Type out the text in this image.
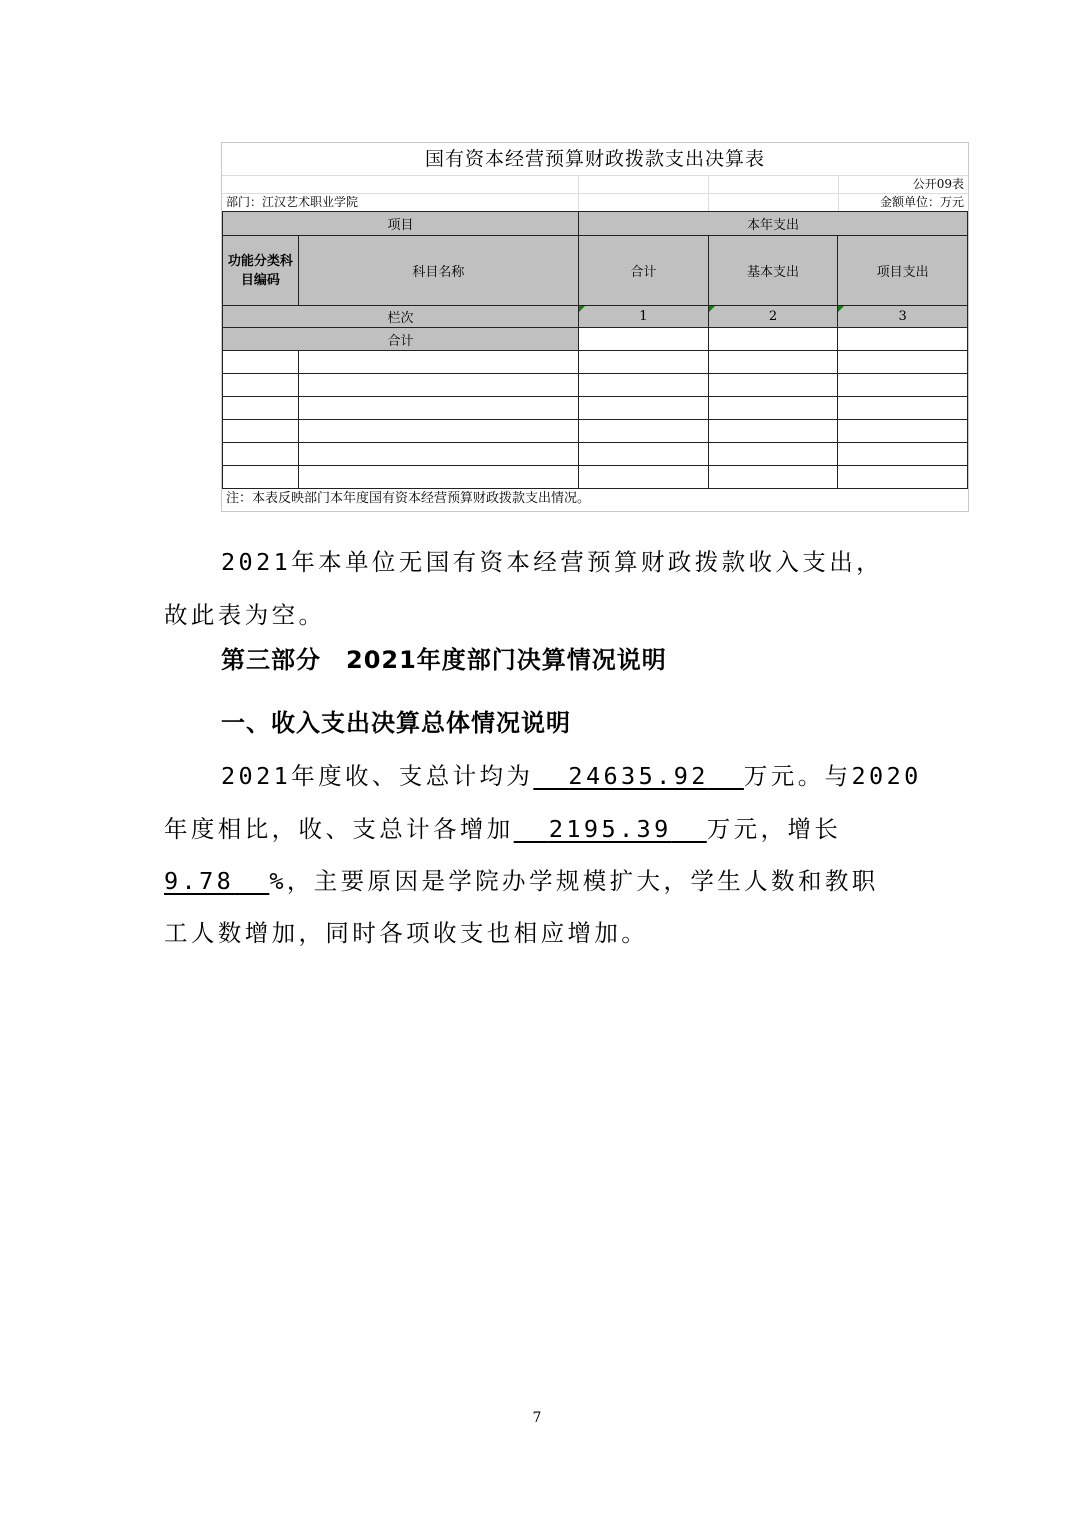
国有资本经营预算财政拨款支出决算表
公开09表
部门：江汉艺术职业学院	金额单位：万元
项目		本年支出		
功能分类科目编码	科目名称	合计	基本支出	项目支出
栏次		1	2	3
合计				

注：本表反映部门本年度国有资本经营预算财政拨款支出情况。
2021年本单位无国有资本经营预算财政拨款收入支出，
故此表为空。
第三部分　2021年度部门决算情况说明
一、收入支出决算总体情况说明
2021年度收、支总计均为 24635.92 万元。与2020
年度相比，收、支总计各增加 2195.39 万元，增长
9.78 %，主要原因是学院办学规模扩大，学生人数和教职
工人数增加，同时各项收支也相应增加。
7
